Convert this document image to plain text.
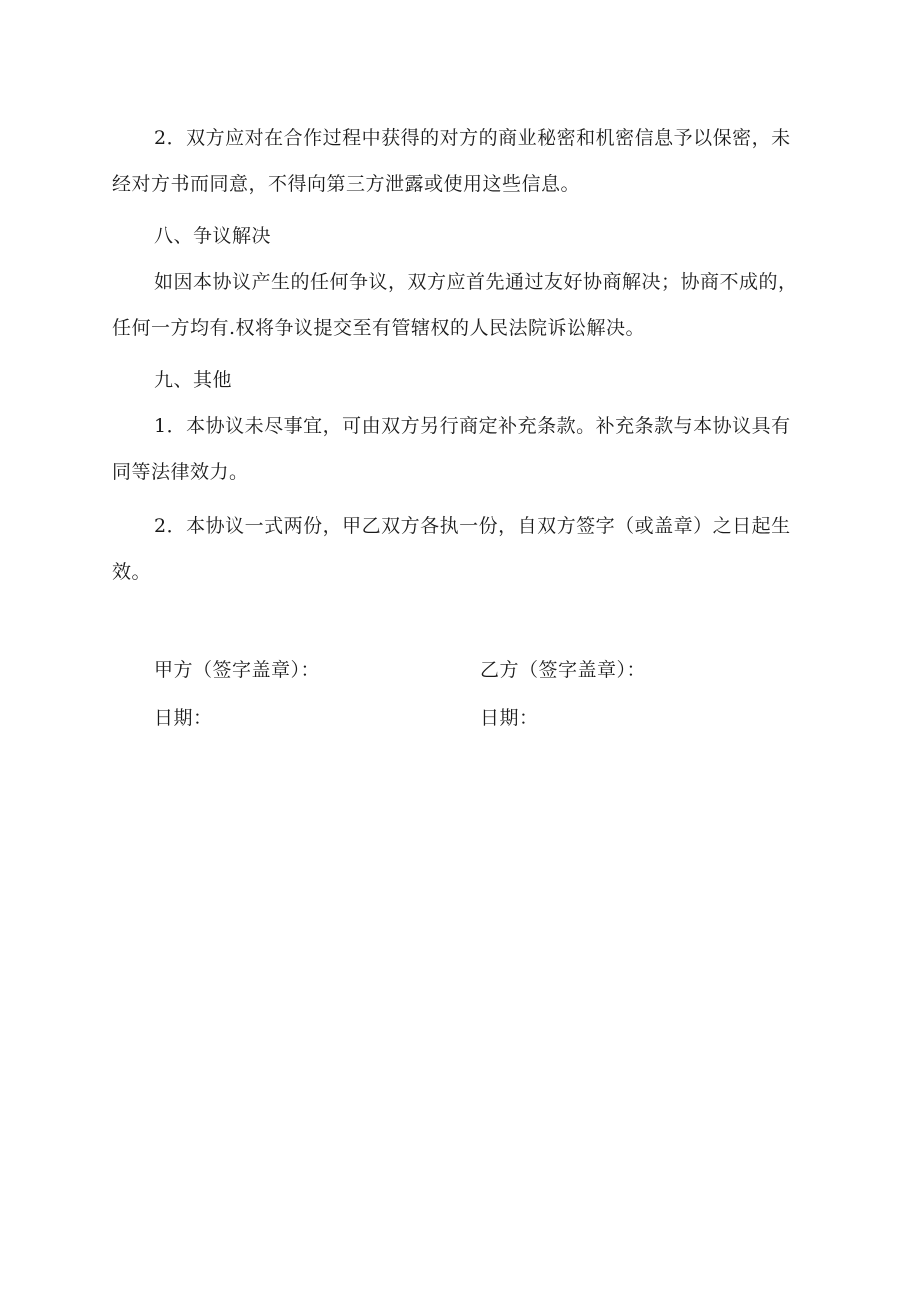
2．双方应对在合作过程中获得的对方的商业秘密和机密信息予以保密，未经对方书而同意，不得向第三方泄露或使用这些信息。

八、争议解决

如因本协议产生的任何争议，双方应首先通过友好协商解决；协商不成的，任何一方均有.权将争议提交至有管辖权的人民法院诉讼解决。

九、其他

1．本协议未尽事宜，可由双方另行商定补充条款。补充条款与本协议具有同等法律效力。

2．本协议一式两份，甲乙双方各执一份，自双方签字（或盖章）之日起生效。

甲方（签字盖章）：	乙方（签字盖章）：
日期：	日期：
